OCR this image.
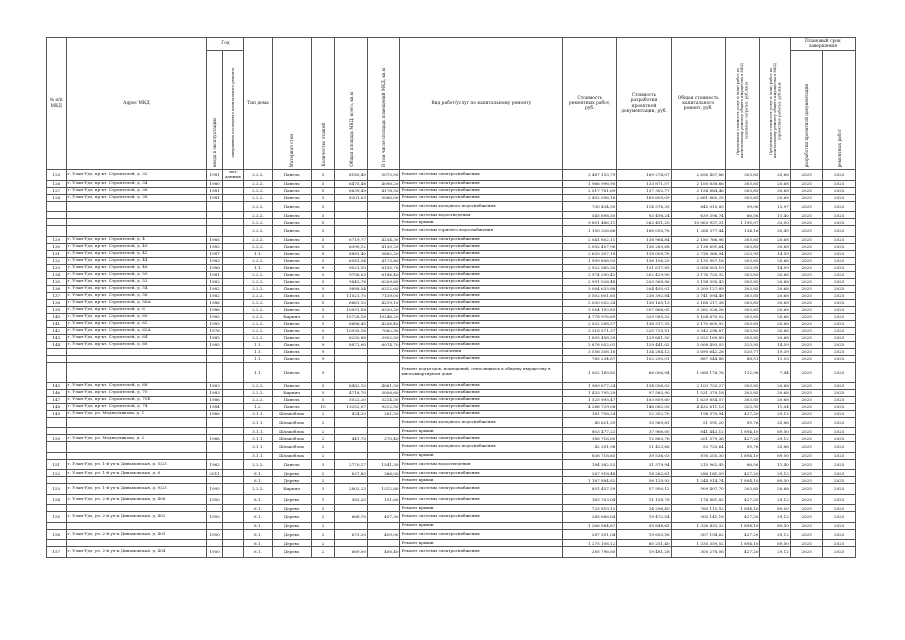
№ п/п МКД	Адрес МКД	Год		Тип дома	Материал стен	Количество этажей	Общая площадь МКД, всего, кв.м	В том числе площадь помещений МКД, кв.м	Вид работ/услуг по капитальному ремонту	Стоимость ремонтных работ, руб.	Стоимость разработки проектной документации, руб.	Общая стоимость капитального ремонт, руб.	Предельная стоимость услуг и (или) работ по капитальному ремонту общего имущества в МКД (удельные затраты), руб./кв.м	Предельная стоимость услуг и (или) работ по капитальному ремонту общего имущества в МКД (проектные работы), руб./кв.м	Плановый срок завершения	

		ввода в эксплуатацию	завершения последнего капитального ремонта												разработки проектной документации	ремонтных работ

125	г. Улан-Удэ, пр-кт. Строителей, д. 32	1981	нет данных	2.2.2.	Панель	5	8185,40	5075,50	Ремонт системы электроснабжения	2 487 133,79	169 274,07	2 656 407,86	303,85	20,68	2025	2025
126	г. Улан-Удэ, пр-кт. Строителей, д. 34	1980		2.2.2.	Панель	5	6475,48	4098,20	Ремонт системы электроснабжения	1 966 996,90	133 871,57	2 100 838,66	303,85	20,68	2025	2025
127	г. Улан-Удэ, пр-кт. Строителей, д. 36	1981		2.2.2.	Панель	5	6639,49	4178,30	Ремонт системы электроснабжения	2 017 781,69	137 302,77	2 154 884,46	303,85	20,68	2025	2025
128	г. Улан-Удэ, пр-кт. Строителей, д. 38	1981		2.2.2.	Панель	5	8201,03	5066,00	Ремонт системы электроснабжения	2 492 096,16	169 609,09	2 661 665,25	303,85	20,68	2025	2025
				2.2.2.	Панель	5			Ремонт системы холодного водоснабжения	730 434,50	114 576,35	845 010,85	99,06	13,97	2025	2025
				2.2.2.	Панель	5			Ремонт системы водоотведения	545 898,50	93 498,24	639 396,74	66,56	11,40	2025	2025
				2.2.2.	Панель	5			Ремонт крыши	9 801 486,11	262 451,20	10 063 937,31	1 195,07	32,00	2025	2025
				2.2.2.	Панель	5			Ремонт системы горячего водоснабжения	1 100 326,66	168 050,78	1 268 377,44	134,16	20,49	2025	2025
129	г. Улан-Удэ, пр-кт. Строителей, д. 4	1985		2.2.2.	Панель	5	6719,77	4254,30	Ремонт системы электроснабжения	2 041 802,11	138 964,84	2 180 766,96	303,85	20,68	2025	2025
130	г. Улан-Удэ, пр-кт. Строителей, д. 40	1982		2.2.2.	Панель	5	6390,12	4130,20	Ремонт системы электроснабжения	2 002 407,96	136 283,68	2 138 691,64	303,85	20,68	2025	2025
131	г. Улан-Удэ, пр-кт. Строителей, д. 42	1987		1.1.	Панель	9	8881,40	5882,20	Ремонт системы электроснабжения	2 620 357,18	118 009,76	2 738 366,94	323,95	14,59	2025	2025
132	г. Улан-Удэ, пр-кт. Строителей, д. 44	1983		2.2.2.	Панель	5	6581,54	4173,80	Ремонт системы электроснабжения	1 999 808,93	136 106,25	2 135 907,18	303,85	20,68	2025	2025
133	г. Улан-Удэ, пр-кт. Строителей, д. 46	1986		1.1.	Панель	9	9021,10	6155,70	Ремонт системы электроснабжения	2 922 365,35	131 617,85	3 054 003,19	323,95	14,59	2025	2025
134	г. Улан-Удэ, пр-кт. Строителей, д. 50	1981		2.2.2.	Панель	5	9758,03	6186,40	Ремонт системы электроснабжения	2 974 290,42	202 429,90	3 176 720,32	303,85	20,68	2025	2025
135	г. Улан-Удэ, пр-кт. Строителей, д. 52	1982		2.2.2.	Панель	5	9843,76	6209,60	Ремонт системы электроснабжения	2 991 026,48	203 568,96	3 194 595,43	303,85	20,68	2025	2025
136	г. Улан-Удэ, пр-кт. Строителей, д. 54	1982		2.2.2.	Панель	5	9888,54	6212,60	Ремонт системы электроснабжения	3 004 633,88	204 495,01	3 209 127,89	303,85	20,68	2025	2025
137	г. Улан-Удэ, пр-кт. Строителей, д. 56	1982		2.2.2.	Панель	5	11521,70	7139,00	Ремонт системы электроснабжения	3 502 601,65	238 392,84	3 741 094,48	303,85	20,68	2025	2025
138	г. Улан-Удэ, пр-кт. Строителей, д. 56А	1986		2.2.2.	Панель	5	6661,10	4219,10	Ремонт системы электроснабжения	2 030 052,24	138 165,13	2 168 217,38	303,85	20,68	2025	2025
139	г. Улан-Удэ, пр-кт. Строителей, д. 6	1986		2.2.2.	Панель	5	10051,58	6330,20	Ремонт системы электроснабжения	3 054 193,83	207 868,05	3 262 026,28	303,85	20,68	2025	2025
140	г. Улан-Удэ, пр-кт. Строителей, д. 60	1985		2.2.2.	Кирпич	5	15728,18	10246,20	Ремонт системы электроснабжения	4 778 976,69	325 085,32	5 104 670,02	303,85	20,68	2025	2025
141	г. Улан-Удэ, пр-кт. Строителей, д. 62	1985		2.2.2.	Панель	5	6686,45	4206,40	Ремонт системы электроснабжения	2 032 288,57	138 317,35	2 170 605,92	303,85	20,68	2025	2025
142	г. Улан-Удэ, пр-кт. Строителей, д. 62А	1976		2.2.2.	Панель	5	10935,16	7082,90	Ремонт системы электроснабжения	3 316 571,37	225 725,51	3 542 296,87	303,85	20,68	2025	2025
143	г. Улан-Удэ, пр-кт. Строителей, д. 64	1985		2.2.2.	Панель	5	6250,88	3902,50	Ремонт системы электроснабжения	1 895 458,39	129 681,50	2 025 169,89	303,85	20,68	2025	2025
144	г. Улан-Удэ, пр-кт. Строителей, д. 66	1985		1.1.	Панель	9	8871,00	6074,70	Ремонт системы электроснабжения	2 878 052,01	129 441,02	3 008 493,03	323,95	14,59	2025	2025
				1.1.	Панель	9			Ремонт системы отопления	3 556 358,16	134 284,12	3 690 642,28	520,77	19,39	2025	2025
				1.1.	Панель	9			Ремонт системы электроснабжения	785 234,87	102 293,01	887 544,88	88,51	11,53	2025	2025
				1.1.	Панель	9			Ремонт подъездов, помещений, относящихся к общему имуществу в многоквартирном доме	1 002 169,82	66 006,94	1 068 176,76	112,96	7,44	2025	2025
145	г. Улан-Удэ, пр-кт. Строителей, д. 68	1983		2.2.2.	Панель	5	6482,10	4061,50	Ремонт системы электроснабжения	1 969 677,24	134 056,03	2 103 733,27	303,85	20,68	2025	2025
146	г. Улан-Удэ, пр-кт. Строителей, д. 70	1983		2.2.2.	Кирпич	5	4718,70	3056,60	Ремонт системы электроснабжения	1 433 795,29	97 583,90	1 531 379,18	303,85	20,68	2025	2025
147	г. Улан-Удэ, пр-кт. Строителей, д. 70Б	1986		2.2.2.	Панель	5	5022,20	3214,30	Ремонт системы электроснабжения	1 525 995,47	103 859,60	1 629 854,57	303,85	20,68	2025	2025
148	г. Улан-Удэ, пр-кт. Строителей, д. 74	1984		1.2.	Панель	10	13252,07	9212,50	Ремонт системы электроснабжения	4 286 729,08	146 082,05	4 432 611,13	323,95	11,04	2025	2025
149	г. Улан-Удэ, ул. Медведчикова, д. 1	1966		3.1.1.	Шлакоблок	2	424,20	261,50	Ремонт системы электроснабжения	181 758,24	12 352,70	194 570,94	427,20	29,12	2025	2025
				3.1.1.	Шлакоблок	2			Ремонт системы холодного водоснабжения	40 621,39	10 969,81	51 591,20	95,76	25,86	2025	2025
				3.1.1.	Шлакоблок	2			Ремонт крыши	803 477,22	37 966,00	841 443,12	1 894,10	89,50	2025	2025
150	г. Улан-Удэ, ул. Медведчикова, д. 2	1966		3.1.1.	Шлакоблок	2	441,75	270,40	Ремонт системы электроснабжения	188 716,60	12 863,76	201 579,36	427,20	29,12	2025	2025
				3.1.1.	Шлакоблок	2			Ремонт системы холодного водоснабжения	42 301,98	11 423,66	53 725,64	95,76	25,86	2025	2025
				3.1.1.	Шлакоблок	2			Ремонт крыши	836 718,65	39 536,03	876 255,30	1 894,10	89,50	2025	2025
151	г. Улан-Удэ, ул. 1-й уч-к Динамовская, д. 5/23	1962		2.2.2.	Панель	3	2770,17	1541,30	Ремонт системы водоотведения	184 382,52	31 579,94	215 962,45	66,56	11,40	2025	2025
152	г. Улан-Удэ, ул. 1-й уч-к Динамовская, д. 6	2011		6.1.	Дерево	2	627,85	366,00	Ремонт системы электроснабжения	267 918,48	18 262,61	286 181,09	427,20	29,12	2025	2025
				6.1.	Дерево	2			Ремонт крыши	1 187 884,82	56 129,93	1 244 014,74	1 894,10	89,50	2025	2025
153	г. Улан-Удэ, ул. 1-й уч-к Динамовская, д. 9/23	1995		2.2.2.	Кирпич	3	2802,23	1512,80	Ремонт системы электроснабжения	851 457,59	57 950,12	909 407,70	303,85	20,68	2025	2025
154	г. Улан-Удэ, ул. 2-й уч-к Динамовская, д. 406	1950		6.1.	Дерево	1	383,20	191,60	Ремонт системы электроснабжения	163 703,04	11 158,78	174 861,82	427,20	29,12	2025	2025
				6.1.	Дерево	1			Ремонт крыши	725 819,12	34 296,40	760 115,52	1 894,10	89,50	2025	2025
155	г. Улан-Удэ, ул. 2-й уч-к Динамовская, д. 402	1950		6.1.	Дерево	2	668,70	407,30	Ремонт системы электроснабжения	285 668,64	19 472,54	305 141,18	427,20	29,12	2025	2025
				6.1.	Дерево	2			Ремонт крыши	1 266 584,67	59 848,65	1 326 433,32	1 894,10	89,50	2025	2025
156	г. Улан-Удэ, ул. 2-й уч-к Динамовская, д. 403	1950		6.1.	Дерево	2	673,20	409,00	Ремонт системы электроснабжения	287 591,04	19 603,58	307 194,62	427,20	29,12	2025	2025
				6.1.	Дерево	2			Ремонт крыши	1 275 108,12	60 251,40	1 335 359,52	1 894,10	89,50	2025	2025
157	г. Улан-Удэ, ул. 2-й уч-к Динамовская, д. 404	1950		6.1.	Дерево	2	669,00	406,40	Ремонт системы электроснабжения	285 796,80	19 481,28	305 278,08	427,20	29,12	2025	2025
